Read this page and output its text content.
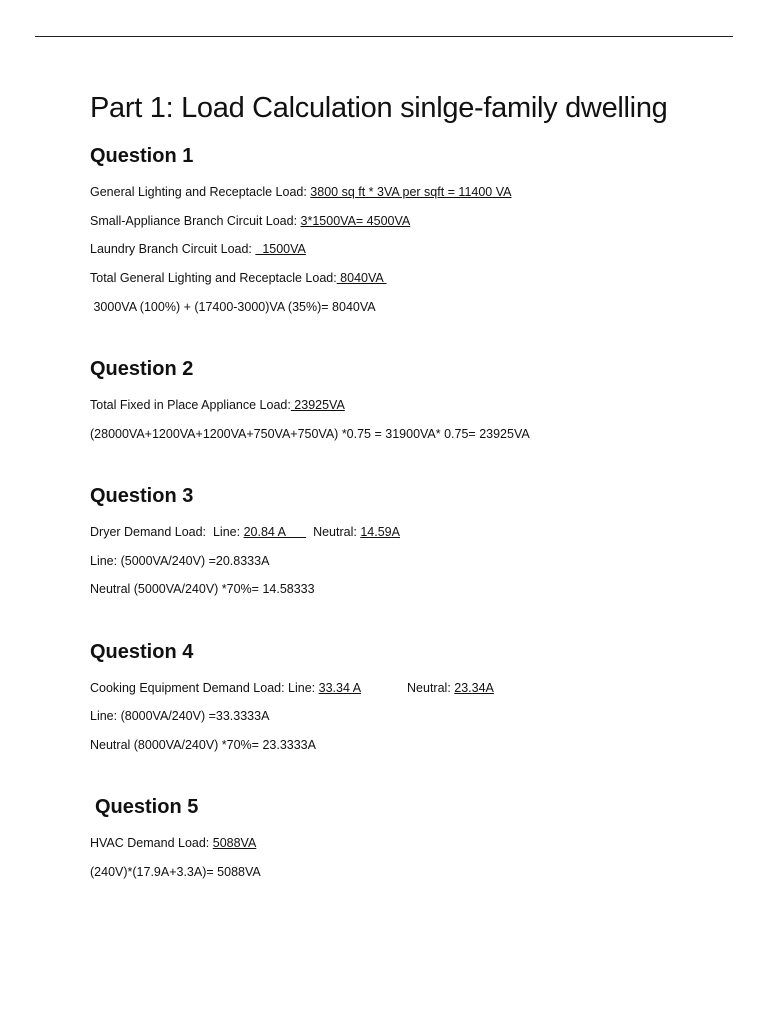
Part 1: Load Calculation sinlge-family dwelling
Question 1

General Lighting and Receptacle Load: 3800 sq ft * 3VA per sqft = 11400 VA

Small-Appliance Branch Circuit Load: 3*1500VA= 4500VA

Laundry Branch Circuit Load:   1500VA

Total General Lighting and Receptacle Load: 8040VA

3000VA (100%) + (17400-3000)VA (35%)= 8040VA

Question 2

Total Fixed in Place Appliance Load: 23925VA

(28000VA+1200VA+1200VA+750VA+750VA) *0.75 = 31900VA* 0.75= 23925VA

Question 3

Dryer Demand Load:  Line: 20.84 A        Neutral: 14.59A

Line: (5000VA/240V) =20.8333A

Neutral (5000VA/240V) *70%= 14.58333

Question 4

Cooking Equipment Demand Load: Line: 33.34 A	Neutral: 23.34A

Line: (8000VA/240V) =33.3333A

Neutral (8000VA/240V) *70%= 23.3333A

Question 5

HVAC Demand Load: 5088VA

(240V)*(17.9A+3.3A)= 5088VA
